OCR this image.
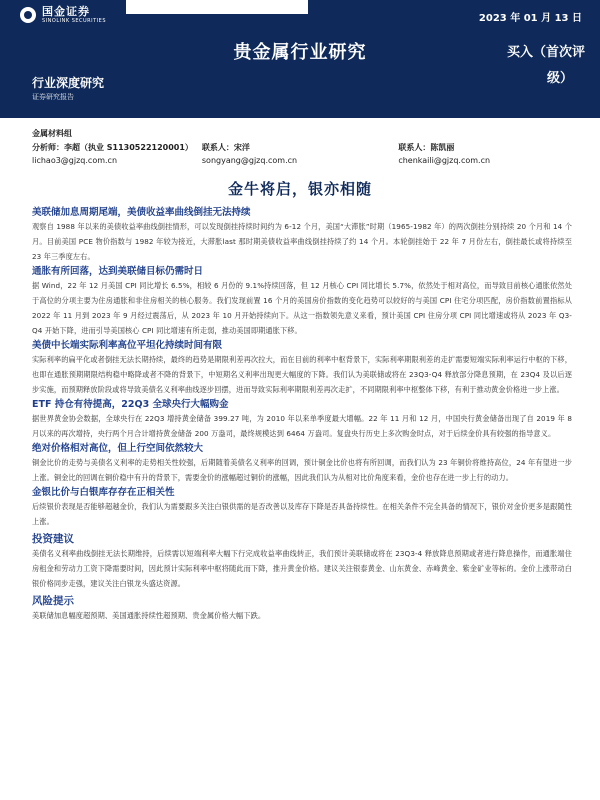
国金证券
SINOLINK SECURITIES	2023 年 01 月 13 日
贵金属行业研究	买入（首次评
级）
行业深度研究
证券研究报告
金属材料组
分析师：李超（执业 S1130522120001）
lichao3@gjzq.com.cn
联系人：宋洋
songyang@gjzq.com.cn
联系人：陈凯丽
chenkaili@gjzq.com.cn
金牛将启，银亦相随
美联储加息周期尾端，美债收益率曲线倒挂无法持续
观察自 1988 年以来的美债收益率曲线倒挂情形，可以发现倒挂持续时间约为 6-12 个月，美国“大滞胀”时期（1965-1982 年）的两次倒挂分别持续 20 个月和 14 个月。目前美国 PCE 物价指数与 1982 年较为接近，大滞胀last 那时期美债收益率曲线倒挂持续了约 14 个月。本轮倒挂始于 22 年 7 月份左右，倒挂最长或将持续至 23 年三季度左右。
通胀有所回落，达到美联储目标仍需时日
据 Wind，22 年 12 月美国 CPI 同比增长 6.5%，相较 6 月份的 9.1%持续回落，但 12 月核心 CPI 同比增长 5.7%，依然处于相对高位，而导致目前核心通胀依然处于高位的分项主要为住房通胀和非住房相关的核心服务。我们发现前置 16 个月的美国房价指数的变化趋势可以较好的与美国 CPI 住宅分项匹配，房价指数前置指标从 2022 年 11 月到 2023 年 9 月经过震荡后，从 2023 年 10 月开始持续向下。从这一指数领先意义来看，预计美国 CPI 住房分项 CPI 同比增速或将从 2023 年 Q3-Q4 开始下降，进而引导美国核心 CPI 同比增速有所走弱，推动美国即期通胀下移。
美债中长端实际利率高位平坦化持续时间有限
实际利率的扁平化或者倒挂无法长期持续，最终的趋势是期限利差再次拉大，而在目前的利率中枢背景下，实际利率期限利差的走扩需要短端实际利率运行中枢的下移，也即在通胀预期期限结构稳中略降或者不降的背景下，中短期名义利率出现更大幅度的下降。我们认为美联储或将在 23Q3-Q4 释放部分降息预期，在 23Q4 及以后逐步实施，而预期释放阶段或将导致美债名义利率曲线逐步回摆，进而导致实际利率期限利差再次走扩，不同期限利率中枢整体下移，有利于推动黄金价格进一步上涨。
ETF 持仓有待提高，22Q3 全球央行大幅购金
据世界黄金协会数据，全球央行在 22Q3 增持黄金储备 399.27 吨，为 2010 年以来单季度最大增幅。22 年 11 月和 12 月，中国央行黄金储备出现了自 2019 年 8 月以来的再次增持，央行两个月合计增持黄金储备 200 万盎司，最终规模达到 6464 万盎司。复盘央行历史上多次购金时点，对于后续金价具有较强的指导意义。
绝对价格相对高位，但上行空间依然较大
铜金比价的走势与美债名义利率的走势相关性较强，后期随着美债名义利率的回调，预计铜金比价也将有所回调，而我们认为 23 年铜价将维持高位，24 年有望进一步上涨。铜金比的回调在铜价稳中有升的背景下，需要金价的涨幅超过铜价的涨幅，因此我们认为从相对比价角度来看，金价也存在进一步上行的动力。
金银比价与白银库存存在正相关性
后续银价表现是否能够超越金价，我们认为需要跟多关注白银供需的是否改善以及库存下降是否具备持续性。在相关条件不完全具备的情况下，银价对金价更多是跟随性上涨。
投资建议
美债名义利率曲线倒挂无法长期维持，后续需以短端利率大幅下行完成收益率曲线转正，我们预计美联储或将在 23Q3-4 释放降息预期或者进行降息操作，而通胀端住房租金和劳动力工资下降需要时间，因此预计实际利率中枢将随此而下降，推升黄金价格。建议关注银泰黄金、山东黄金、赤峰黄金、紫金矿业等标的。金价上涨带动白银价格同步走强，建议关注白银龙头盛达资源。
风险提示
美联储加息幅度超预期、美国通胀持续性超预期、贵金属价格大幅下跌。
